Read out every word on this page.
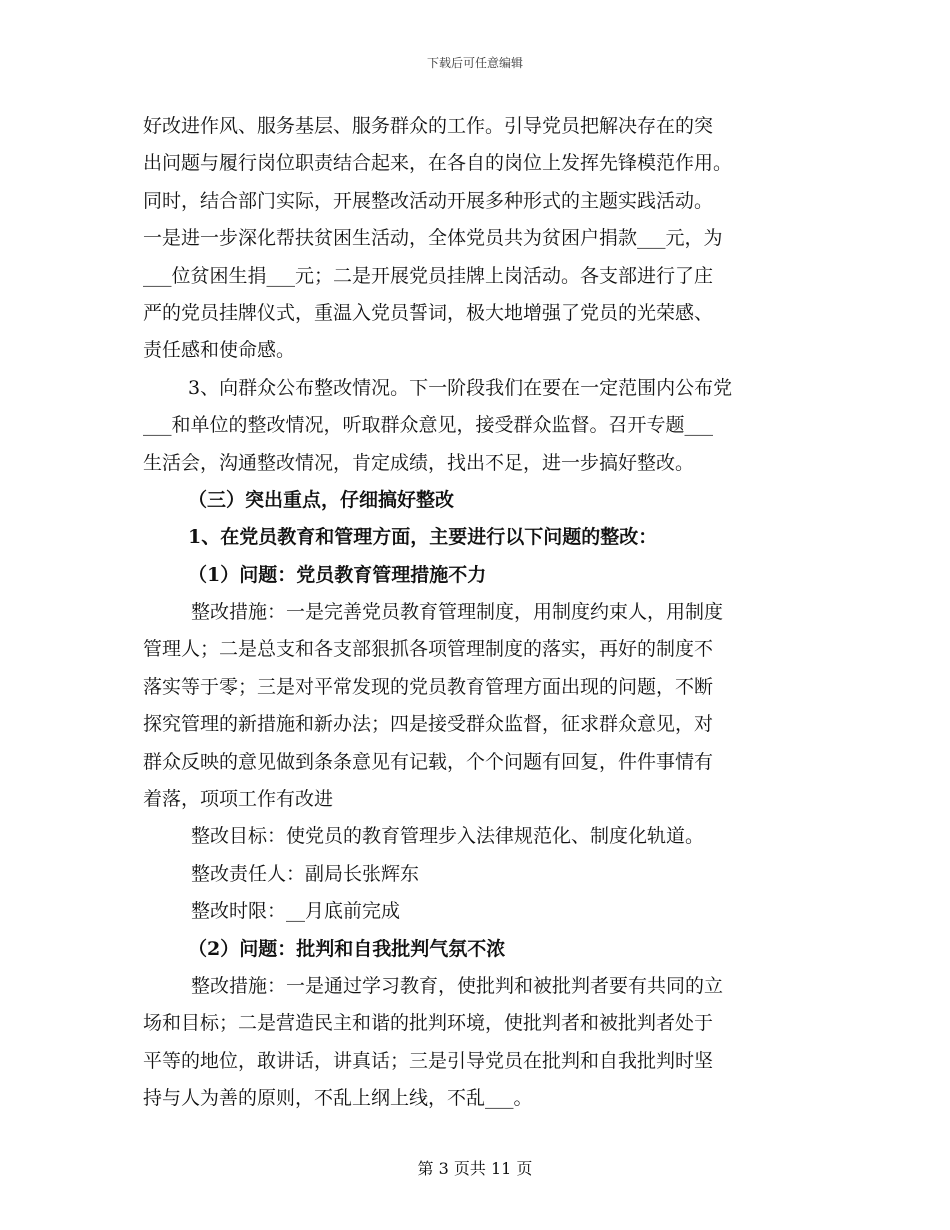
下载后可任意编辑
好改进作风、服务基层、服务群众的工作。引导党员把解决存在的突
出问题与履行岗位职责结合起来，在各自的岗位上发挥先锋模范作用。
同时，结合部门实际，开展整改活动开展多种形式的主题实践活动。
一是进一步深化帮扶贫困生活动，全体党员共为贫困户捐款___元，为
___位贫困生捐___元；二是开展党员挂牌上岗活动。各支部进行了庄
严的党员挂牌仪式，重温入党员誓词，极大地增强了党员的光荣感、
责任感和使命感。
3、向群众公布整改情况。下一阶段我们在要在一定范围内公布党
___和单位的整改情况，听取群众意见，接受群众监督。召开专题___
生活会，沟通整改情况，肯定成绩，找出不足，进一步搞好整改。
（三）突出重点，仔细搞好整改
1、在党员教育和管理方面，主要进行以下问题的整改：
（1）问题：党员教育管理措施不力
整改措施：一是完善党员教育管理制度，用制度约束人，用制度
管理人；二是总支和各支部狠抓各项管理制度的落实，再好的制度不
落实等于零；三是对平常发现的党员教育管理方面出现的问题，不断
探究管理的新措施和新办法；四是接受群众监督，征求群众意见，对
群众反映的意见做到条条意见有记载，个个问题有回复，件件事情有
着落，项项工作有改进
整改目标：使党员的教育管理步入法律规范化、制度化轨道。
整改责任人：副局长张辉东
整改时限：__月底前完成
（2）问题：批判和自我批判气氛不浓
整改措施：一是通过学习教育，使批判和被批判者要有共同的立
场和目标；二是营造民主和谐的批判环境，使批判者和被批判者处于
平等的地位，敢讲话，讲真话；三是引导党员在批判和自我批判时坚
持与人为善的原则，不乱上纲上线，不乱___。
第 3 页共 11 页
